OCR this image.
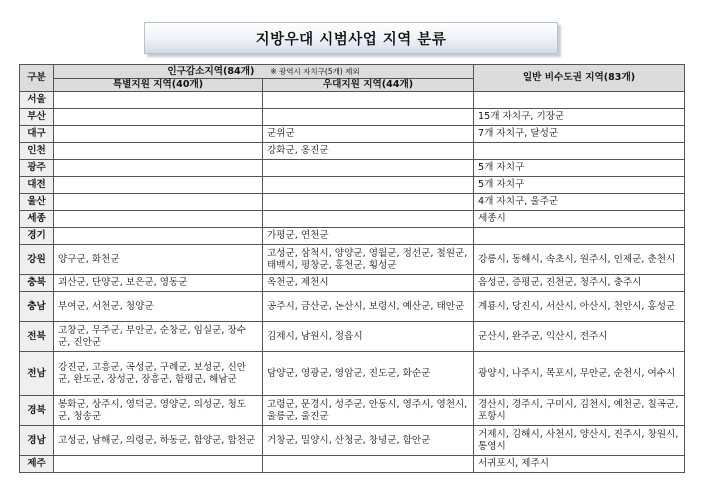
지방우대 시범사업 지역 분류
구분	인구감소지역(84개) ※ 광역시 자치구(5개) 제외		일반 비수도권 지역(83개)
	특별지원 지역(40개)	우대지원 지역(44개)	
서울			
부산			15개 자치구, 기장군
대구		군위군	7개 자치구, 달성군
인천		강화군, 옹진군	
광주			5개 자치구
대전			5개 자치구
울산			4개 자치구, 울주군
세종			세종시
경기		가평군, 연천군	
강원	양구군, 화천군	고성군, 삼척시, 양양군, 영월군, 정선군, 철원군, 태백시, 평창군, 홍천군, 횡성군	강릉시, 동해시, 속초시, 원주시, 인제군, 춘천시
충북	괴산군, 단양군, 보은군, 영동군	옥천군, 제천시	음성군, 증평군, 진천군, 청주시, 충주시
충남	부여군, 서천군, 청양군	공주시, 금산군, 논산시, 보령시, 예산군, 태안군	계룡시, 당진시, 서산시, 아산시, 천안시, 홍성군
전북	고창군, 무주군, 부안군, 순창군, 임실군, 장수군, 진안군	김제시, 남원시, 정읍시	군산시, 완주군, 익산시, 전주시
전남	강진군, 고흥군, 곡성군, 구례군, 보성군, 신안군, 완도군, 장성군, 장흥군, 함평군, 해남군	담양군, 영광군, 영암군, 진도군, 화순군	광양시, 나주시, 목포시, 무안군, 순천시, 여수시
경북	봉화군, 상주시, 영덕군, 영양군, 의성군, 청도군, 청송군	고령군, 문경시, 성주군, 안동시, 영주시, 영천시, 울릉군, 울진군	경산시, 경주시, 구미시, 김천시, 예천군, 칠곡군, 포항시
경남	고성군, 남해군, 의령군, 하동군, 함양군, 합천군	거창군, 밀양시, 산청군, 창녕군, 함안군	거제시, 김해시, 사천시, 양산시, 진주시, 창원시, 통영시
제주			서귀포시, 제주시
